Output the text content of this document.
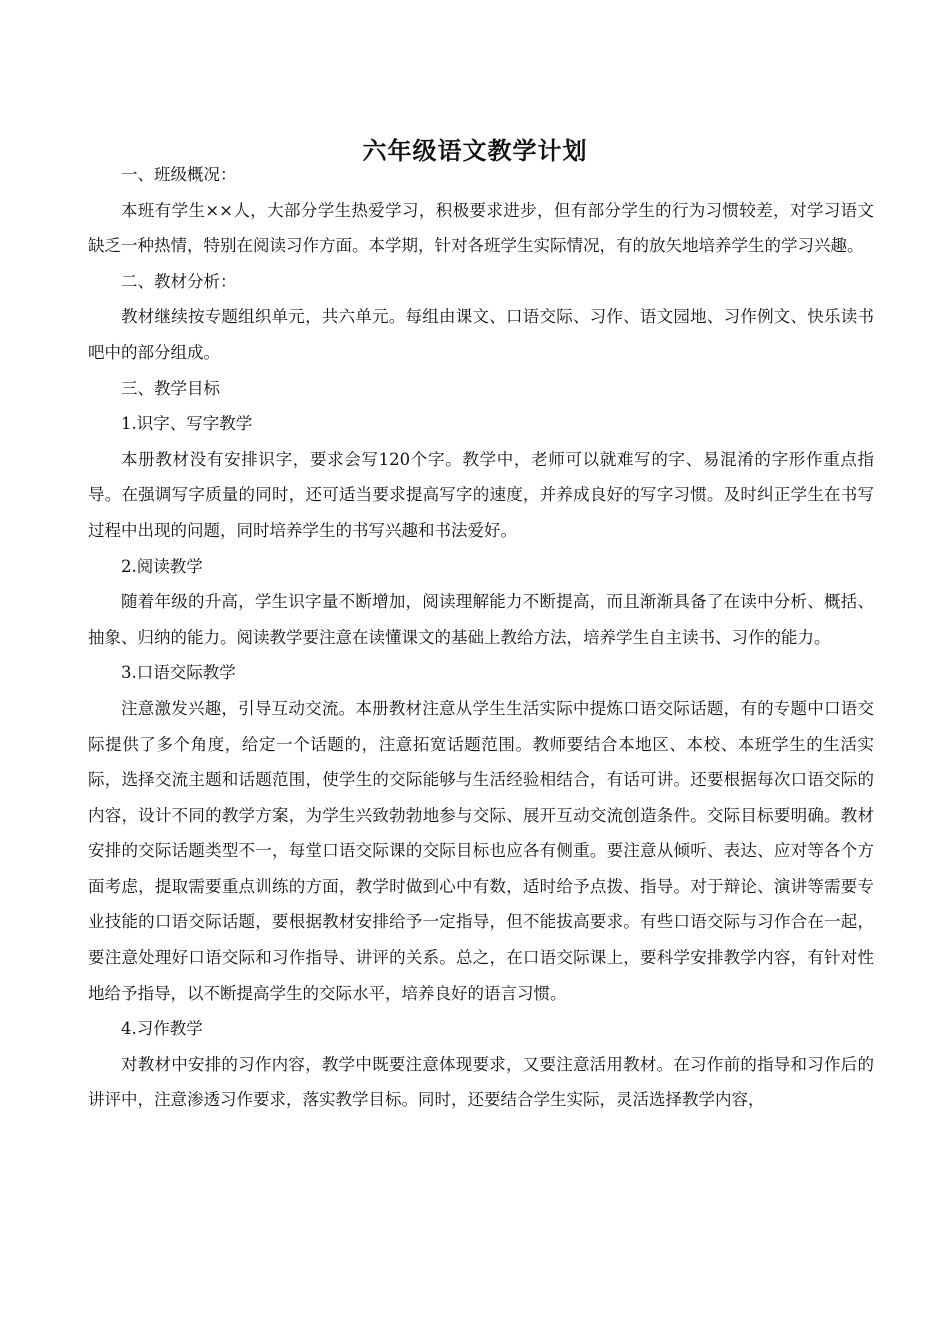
六年级语文教学计划

一、班级概况：

本班有学生××人，大部分学生热爱学习，积极要求进步，但有部分学生的行为习惯较差，对学习语文缺乏一种热情，特别在阅读习作方面。本学期，针对各班学生实际情况，有的放矢地培养学生的学习兴趣。

二、教材分析：

教材继续按专题组织单元，共六单元。每组由课文、口语交际、习作、语文园地、习作例文、快乐读书吧中的部分组成。

三、教学目标

1.识字、写字教学

本册教材没有安排识字，要求会写120个字。教学中，老师可以就难写的字、易混淆的字形作重点指导。在强调写字质量的同时，还可适当要求提高写字的速度，并养成良好的写字习惯。及时纠正学生在书写过程中出现的问题，同时培养学生的书写兴趣和书法爱好。

2.阅读教学

随着年级的升高，学生识字量不断增加，阅读理解能力不断提高，而且渐渐具备了在读中分析、概括、抽象、归纳的能力。阅读教学要注意在读懂课文的基础上教给方法，培养学生自主读书、习作的能力。

3.口语交际教学

注意激发兴趣，引导互动交流。本册教材注意从学生生活实际中提炼口语交际话题，有的专题中口语交际提供了多个角度，给定一个话题的，注意拓宽话题范围。教师要结合本地区、本校、本班学生的生活实际，选择交流主题和话题范围，使学生的交际能够与生活经验相结合，有话可讲。还要根据每次口语交际的内容，设计不同的教学方案，为学生兴致勃勃地参与交际、展开互动交流创造条件。交际目标要明确。教材安排的交际话题类型不一，每堂口语交际课的交际目标也应各有侧重。要注意从倾听、表达、应对等各个方面考虑，提取需要重点训练的方面，教学时做到心中有数，适时给予点拨、指导。对于辩论、演讲等需要专业技能的口语交际话题，要根据教材安排给予一定指导，但不能拔高要求。有些口语交际与习作合在一起，要注意处理好口语交际和习作指导、讲评的关系。总之，在口语交际课上，要科学安排教学内容，有针对性地给予指导，以不断提高学生的交际水平，培养良好的语言习惯。

4.习作教学

对教材中安排的习作内容，教学中既要注意体现要求，又要注意活用教材。在习作前的指导和习作后的讲评中，注意渗透习作要求，落实教学目标。同时，还要结合学生实际，灵活选择教学内容，
